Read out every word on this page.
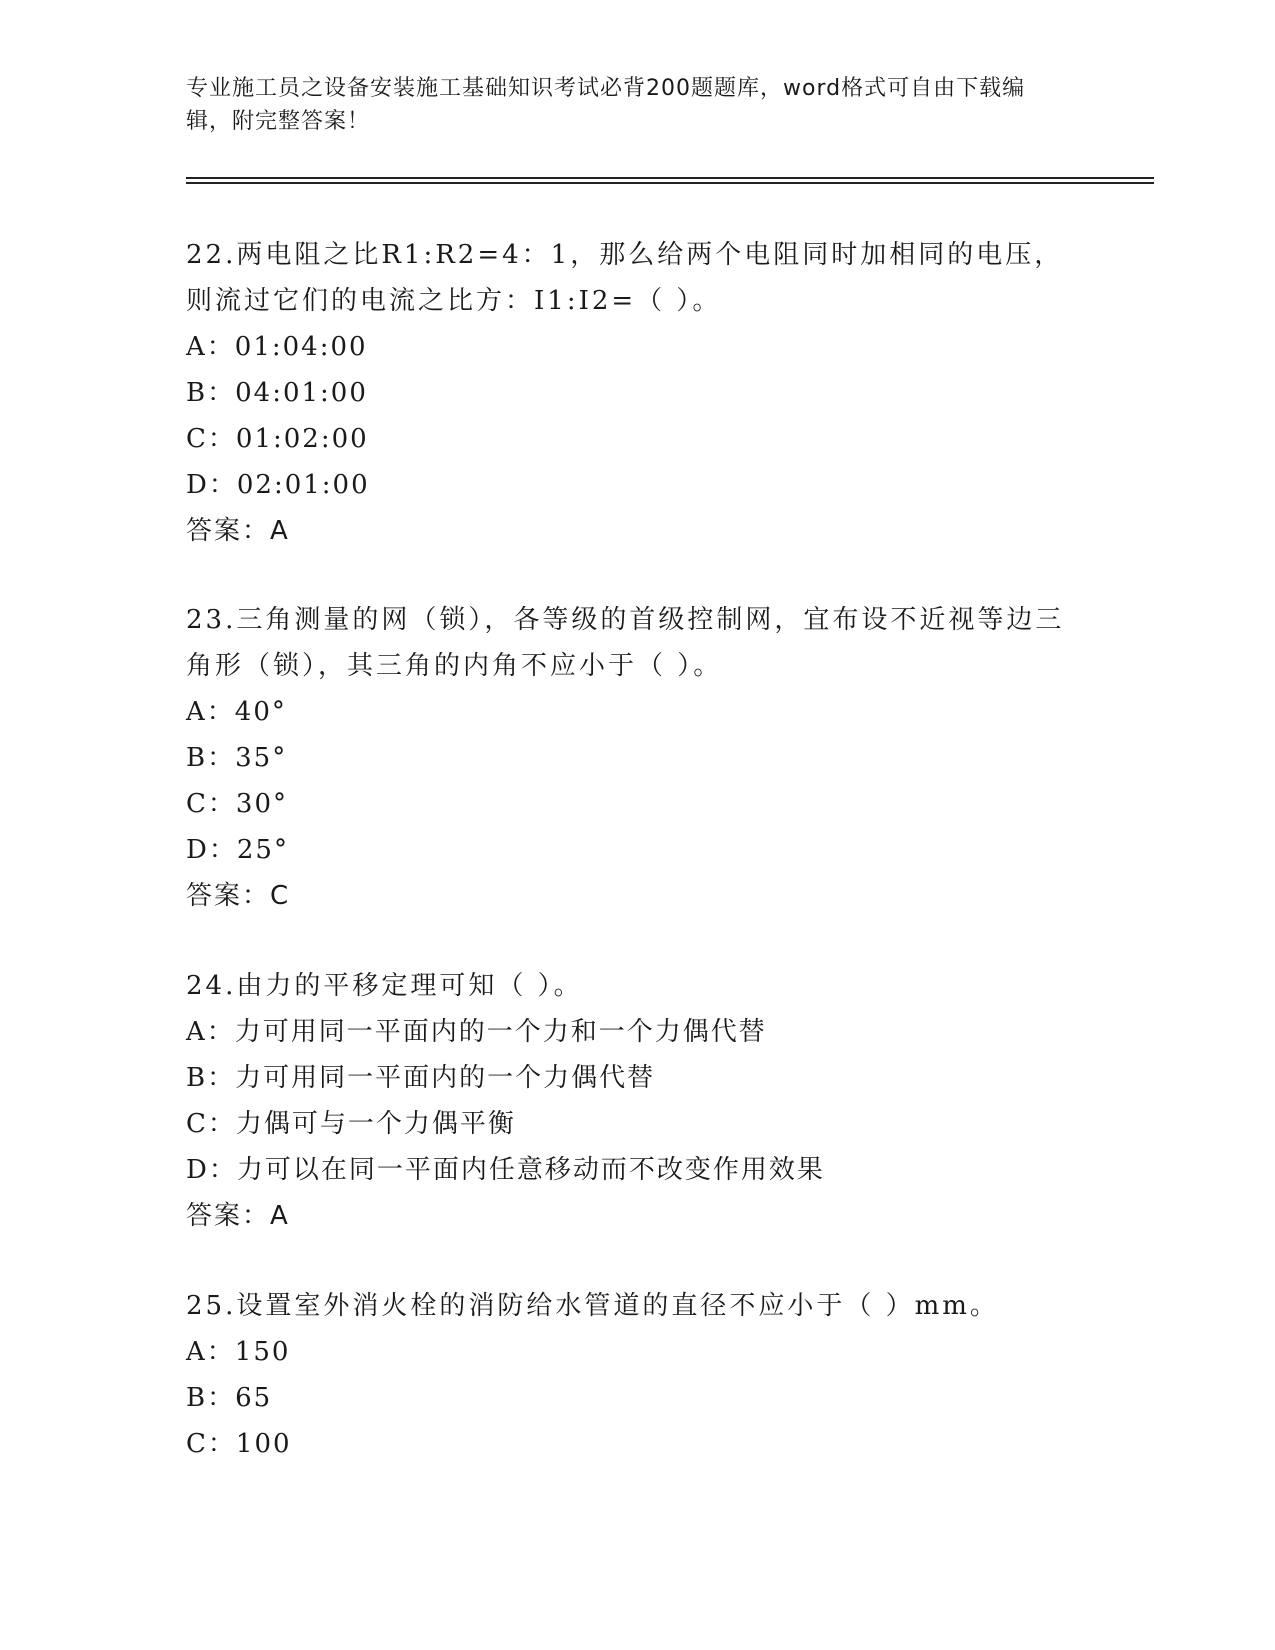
专业施工员之设备安装施工基础知识考试必背200题题库，word格式可自由下载编辑，附完整答案！

22.两电阻之比R1:R2=4：1，那么给两个电阻同时加相同的电压，则流过它们的电流之比方：I1:I2=（ ）。

A：01:04:00

B：04:01:00

C：01:02:00

D：02:01:00

答案：A

23.三角测量的网（锁），各等级的首级控制网，宜布设不近视等边三角形（锁），其三角的内角不应小于（ ）。

A：40°

B：35°

C：30°

D：25°

答案：C

24.由力的平移定理可知（ ）。

A：力可用同一平面内的一个力和一个力偶代替

B：力可用同一平面内的一个力偶代替

C：力偶可与一个力偶平衡

D：力可以在同一平面内任意移动而不改变作用效果

答案：A

25.设置室外消火栓的消防给水管道的直径不应小于（ ）mm。

A：150

B：65

C：100
